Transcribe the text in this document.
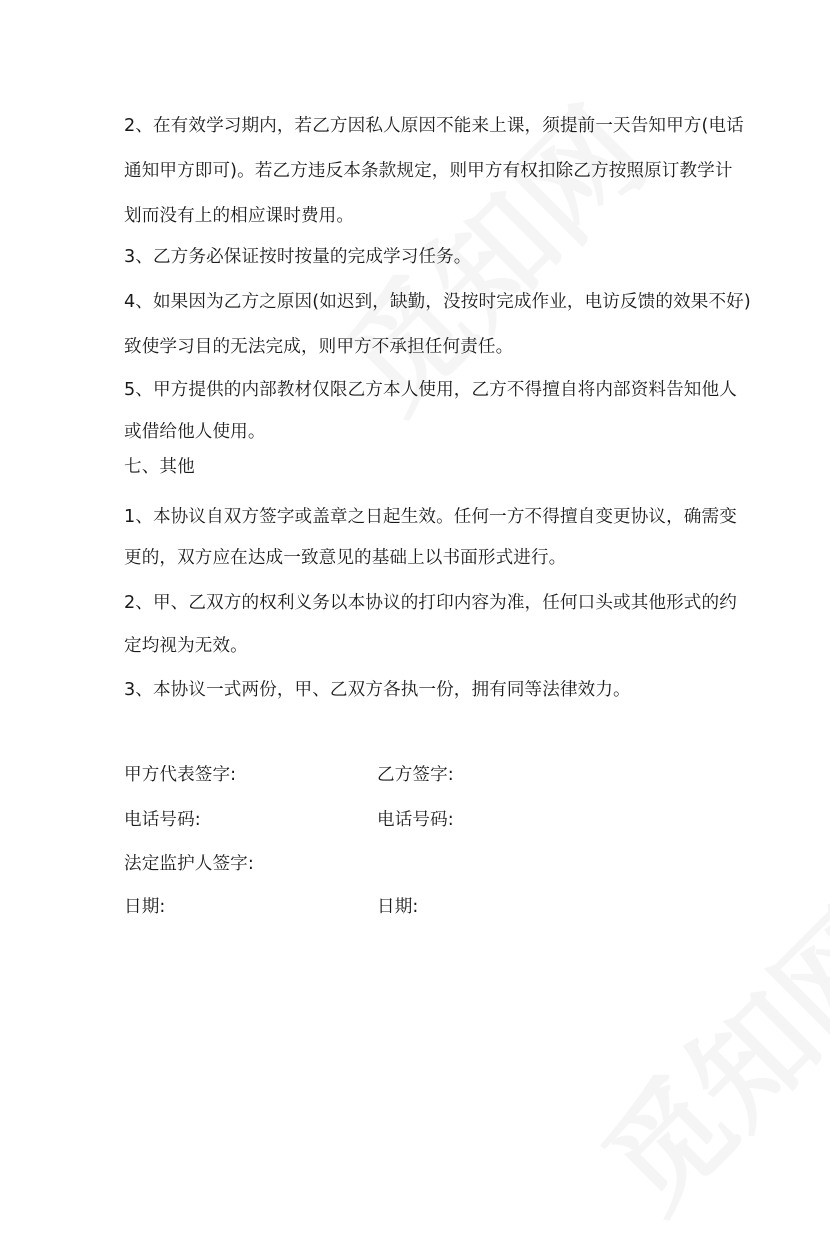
2、在有效学习期内，若乙方因私人原因不能来上课，须提前一天告知甲方(电话
通知甲方即可)。若乙方违反本条款规定，则甲方有权扣除乙方按照原订教学计
划而没有上的相应课时费用。
3、乙方务必保证按时按量的完成学习任务。
4、如果因为乙方之原因(如迟到，缺勤，没按时完成作业，电访反馈的效果不好)
致使学习目的无法完成，则甲方不承担任何责任。
5、甲方提供的内部教材仅限乙方本人使用，乙方不得擅自将内部资料告知他人
或借给他人使用。
七、其他
1、本协议自双方签字或盖章之日起生效。任何一方不得擅自变更协议，确需变
更的，双方应在达成一致意见的基础上以书面形式进行。
2、甲、乙双方的权利义务以本协议的打印内容为准，任何口头或其他形式的约
定均视为无效。
3、本协议一式两份，甲、乙双方各执一份，拥有同等法律效力。
甲方代表签字:	乙方签字:
电话号码:	电话号码:
法定监护人签字:
日期:	日期:
